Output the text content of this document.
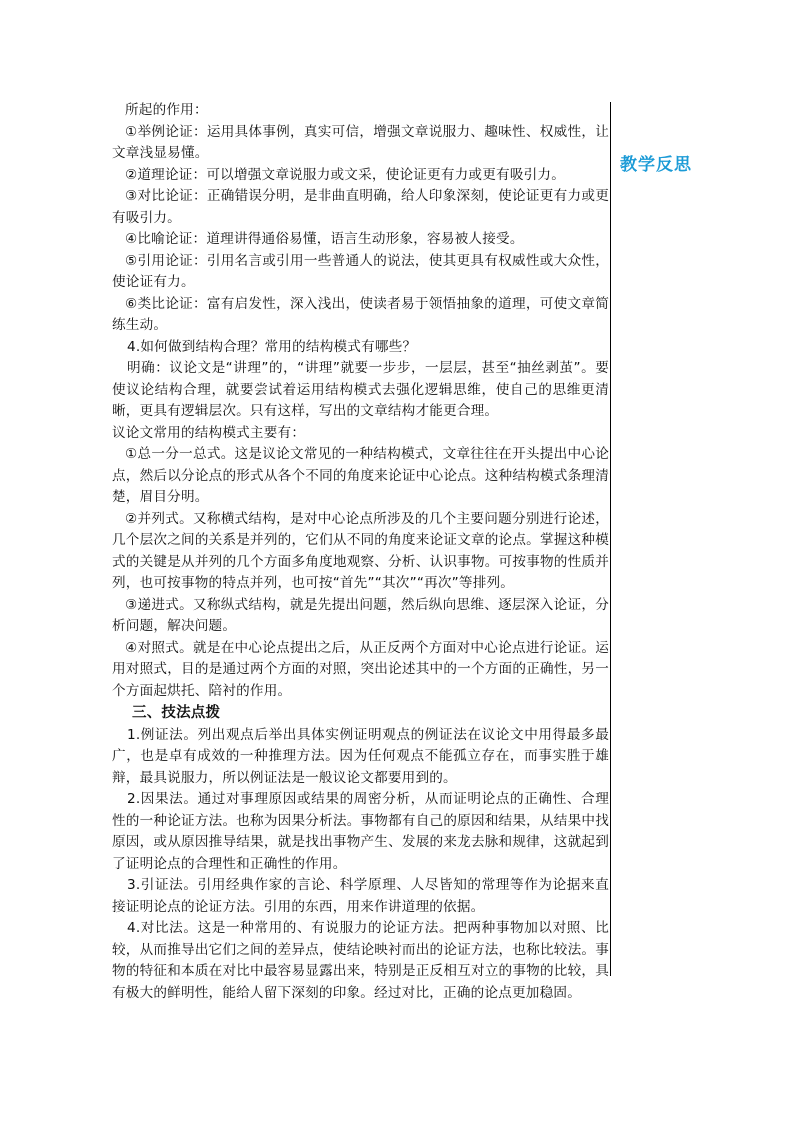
所起的作用：

①举例论证：运用具体事例，真实可信，增强文章说服力、趣味性、权威性，让文章浅显易懂。

②道理论证：可以增强文章说服力或文采，使论证更有力或更有吸引力。

③对比论证：正确错误分明，是非曲直明确，给人印象深刻，使论证更有力或更有吸引力。

④比喻论证：道理讲得通俗易懂，语言生动形象，容易被人接受。

⑤引用论证：引用名言或引用一些普通人的说法，使其更具有权威性或大众性，使论证有力。

⑥类比论证：富有启发性，深入浅出，使读者易于领悟抽象的道理，可使文章简练生动。

4.如何做到结构合理？常用的结构模式有哪些？

明确：议论文是“讲理”的，“讲理”就要一步步，一层层，甚至“抽丝剥茧”。要使议论结构合理，就要尝试着运用结构模式去强化逻辑思维，使自己的思维更清晰，更具有逻辑层次。只有这样，写出的文章结构才能更合理。

议论文常用的结构模式主要有：

①总一分一总式。这是议论文常见的一种结构模式，文章往往在开头提出中心论点，然后以分论点的形式从各个不同的角度来论证中心论点。这种结构模式条理清楚，眉目分明。

②并列式。又称横式结构，是对中心论点所涉及的几个主要问题分别进行论述，几个层次之间的关系是并列的，它们从不同的角度来论证文章的论点。掌握这种模式的关键是从并列的几个方面多角度地观察、分析、认识事物。可按事物的性质并列，也可按事物的特点并列，也可按“首先”“其次”“再次”等排列。

③递进式。又称纵式结构，就是先提出问题，然后纵向思维、逐层深入论证，分析问题，解决问题。

④对照式。就是在中心论点提出之后，从正反两个方面对中心论点进行论证。运用对照式，目的是通过两个方面的对照，突出论述其中的一个方面的正确性，另一个方面起烘托、陪衬的作用。

三、技法点拨

1.例证法。列出观点后举出具体实例证明观点的例证法在议论文中用得最多最广，也是卓有成效的一种推理方法。因为任何观点不能孤立存在，而事实胜于雄辩，最具说服力，所以例证法是一般议论文都要用到的。

2.因果法。通过对事理原因或结果的周密分析，从而证明论点的正确性、合理性的一种论证方法。也称为因果分析法。事物都有自己的原因和结果，从结果中找原因，或从原因推导结果，就是找出事物产生、发展的来龙去脉和规律，这就起到了证明论点的合理性和正确性的作用。

3.引证法。引用经典作家的言论、科学原理、人尽皆知的常理等作为论据来直接证明论点的论证方法。引用的东西，用来作讲道理的依据。

4.对比法。这是一种常用的、有说服力的论证方法。把两种事物加以对照、比较，从而推导出它们之间的差异点，使结论映衬而出的论证方法，也称比较法。事物的特征和本质在对比中最容易显露出来，特别是正反相互对立的事物的比较，具有极大的鲜明性，能给人留下深刻的印象。经过对比，正确的论点更加稳固。

教学反思
